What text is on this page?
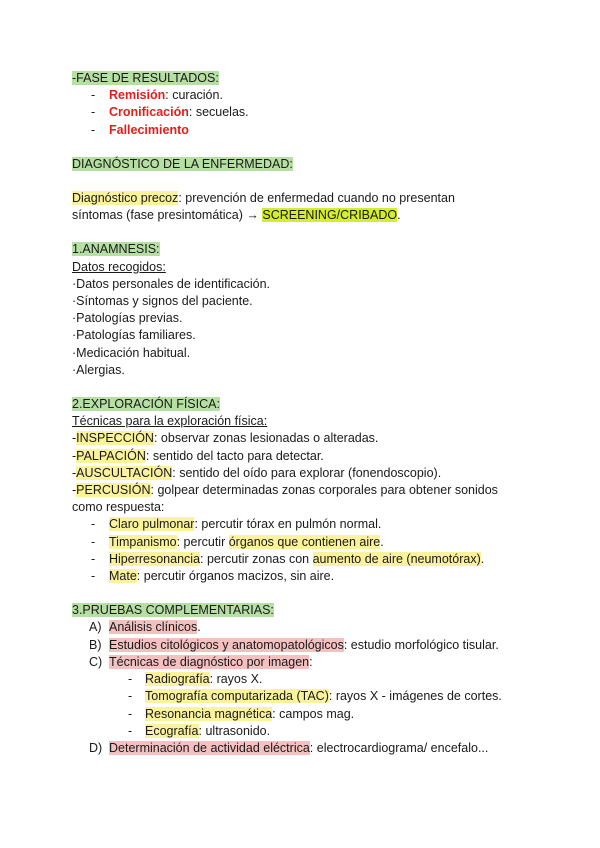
-FASE DE RESULTADOS:

- Remisión: curación.
- Cronificación: secuelas.
- Fallecimiento

DIAGNÓSTICO DE LA ENFERMEDAD:

Diagnóstico precoz: prevención de enfermedad cuando no presentan

síntomas (fase presintomática) → SCREENING/CRIBADO.

1.ANAMNESIS:

Datos recogidos:

·Datos personales de identificación.

·Síntomas y signos del paciente.

·Patologías previas.

·Patologías familiares.

·Medicación habitual.

·Alergias.

2.EXPLORACIÓN FÍSICA:

Técnicas para la exploración física:

-INSPECCIÓN: observar zonas lesionadas o alteradas.

-PALPACIÓN: sentido del tacto para detectar.

-AUSCULTACIÓN: sentido del oído para explorar (fonendoscopio).

-PERCUSIÓN: golpear determinadas zonas corporales para obtener sonidos

como respuesta:

- Claro pulmonar: percutir tórax en pulmón normal.
- Timpanismo: percutir órganos que contienen aire.
- Hiperresonancia: percutir zonas con aumento de aire (neumotórax).
- Mate: percutir órganos macizos, sin aire.

3.PRUEBAS COMPLEMENTARIAS:

A) Análisis clínicos.
B) Estudios citológicos y anatomopatológicos: estudio morfológico tisular.
C) Técnicas de diagnóstico por imagen:
- Radiografía: rayos X.
- Tomografía computarizada (TAC): rayos X - imágenes de cortes.
- Resonancia magnética: campos mag.
- Ecografía: ultrasonido.
D) Determinación de actividad eléctrica: electrocardiograma/ encefalo...
